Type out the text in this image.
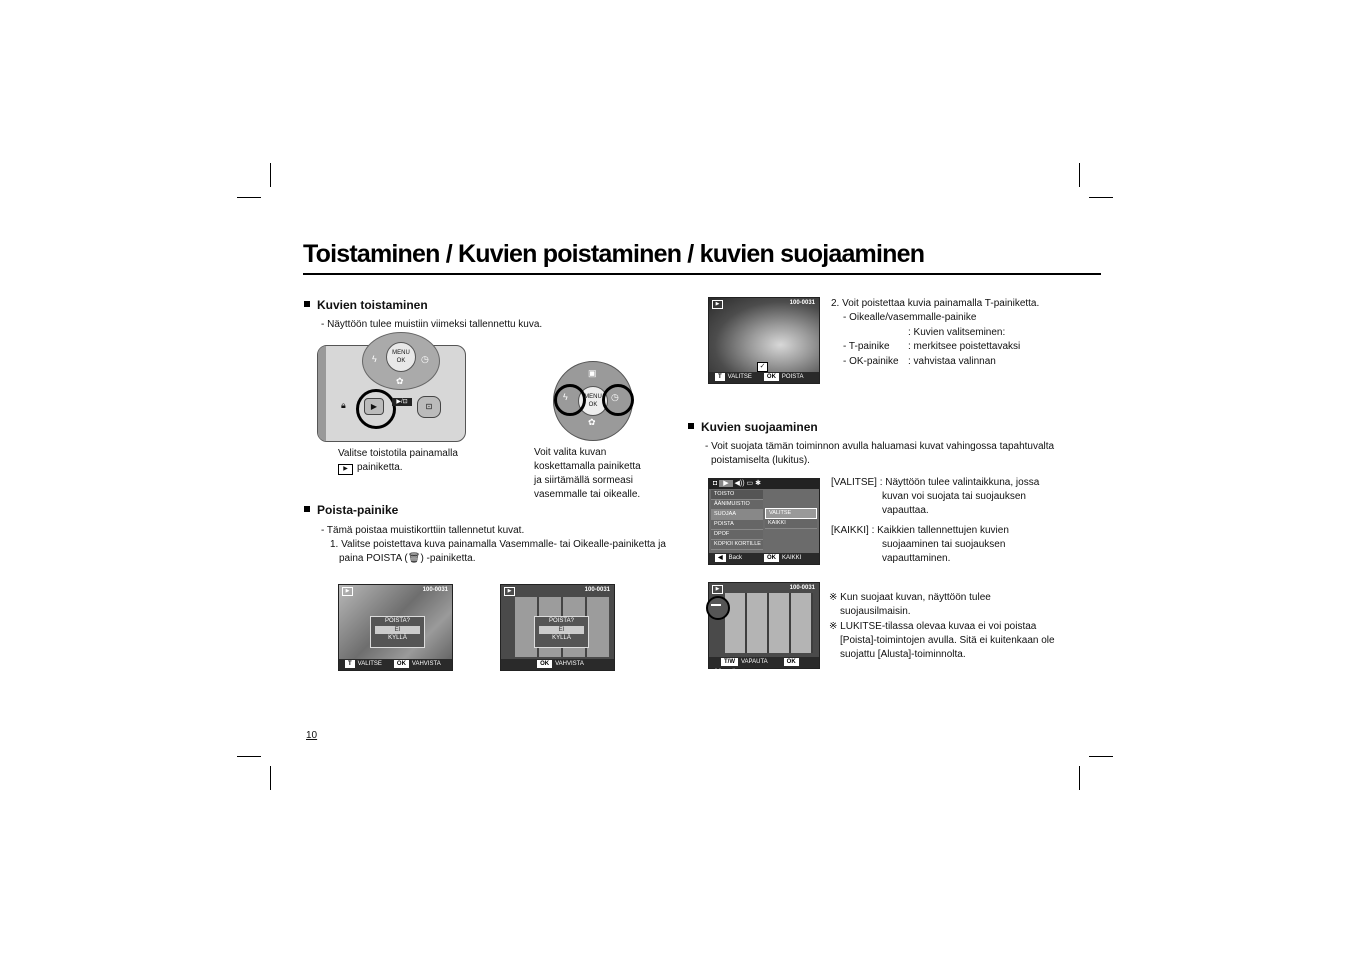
Toistaminen / Kuvien poistaminen / kuvien suojaaminen
Kuvien toistaminen
- Näyttöön tulee muistiin viimeksi tallennettu kuva.
MENU
OK
ϟ	◷
✿
▶	▶/⊡	⊡
🔒︎
MENU
OK
ϟ	◷
▣
✿
Valitse toistotila painamalla
▶ painiketta.
Voit valita kuvan
koskettamalla painiketta
ja siirtämällä sormeasi
vasemmalle tai oikealle.
Poista-painike
- Tämä poistaa muistikorttiin tallennetut kuvat.
1. Valitse poistettava kuva painamalla Vasemmalle- tai Oikealle-painiketta ja
paina POISTA (🗑︎) -painiketta.
▶	100-0031
POISTA?
EI
KYLLÄ
T VALITSE	OK VAHVISTA
▶	100-0031
POISTA?
EI
KYLLÄ
OK VAHVISTA
▶	100-0031
✓
T VALITSE	OK POISTA
2. Voit poistettaa kuvia painamalla T-painiketta.
- Oikealle/vasemmalle-painike
: Kuvien valitseminen:
- T-painike : merkitsee poistettavaksi
- OK-painike : vahvistaa valinnan
Kuvien suojaaminen
- Voit suojata tämän toiminnon avulla haluamasi kuvat vahingossa tapahtuvalta
poistamiselta (lukitus).
◘ ▶ ◀)) ▭ ✱
TOISTO
ÄÄNIMUISTIO
SUOJAA
POISTA
DPOF
KOPIOI KORTILLE
VALITSE
KAIKKI
◀ Back	OK KAIKKI
[VALITSE] : Näyttöön tulee valintaikkuna, jossa
kuvan voi suojata tai suojauksen
vapauttaa.
[KAIKKI] : Kaikkien tallennettujen kuvien
suojaaminen tai suojauksen
vapauttaminen.
▶	100-0031
T/W VAPAUTA	OKMÄÄRITÄ
※ Kun suojaat kuvan, näyttöön tulee
suojausilmaisin.
※ LUKITSE-tilassa olevaa kuvaa ei voi poistaa
[Poista]-toimintojen avulla. Sitä ei kuitenkaan ole
suojattu [Alusta]-toiminnolta.
10
